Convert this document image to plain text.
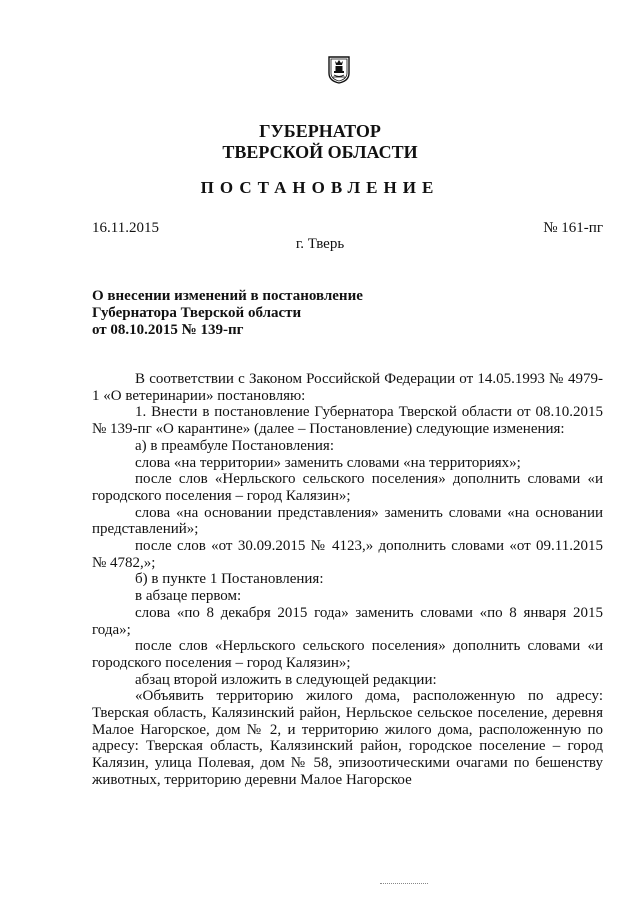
ГУБЕРНАТОР
ТВЕРСКОЙ ОБЛАСТИ
ПОСТАНОВЛЕНИЕ
16.11.2015	№ 161-пг
г. Тверь
О внесении изменений в постановление
Губернатора Тверской области
от 08.10.2015 № 139-пг

В соответствии с Законом Российской Федерации от 14.05.1993 № 4979-1 «О ветеринарии» постановляю:

1. Внести в постановление Губернатора Тверской области от 08.10.2015 № 139-пг «О карантине» (далее – Постановление) следующие изменения:

а) в преамбуле Постановления:

слова «на территории» заменить словами «на территориях»;

после слов «Нерльского сельского поселения» дополнить словами «и городского поселения – город Калязин»;

слова «на основании представления» заменить словами «на основании представлений»;

после слов «от 30.09.2015 № 4123,» дополнить словами «от 09.11.2015 № 4782,»;

б) в пункте 1 Постановления:

в абзаце первом:

слова «по 8 декабря 2015 года» заменить словами «по 8 января 2015 года»;

после слов «Нерльского сельского поселения» дополнить словами «и городского поселения – город Калязин»;

абзац второй изложить в следующей редакции:

«Объявить территорию жилого дома, расположенную по адресу: Тверская область, Калязинский район, Нерльское сельское поселение, деревня Малое Нагорское, дом № 2, и территорию жилого дома, расположенную по адресу: Тверская область, Калязинский район, городское поселение – город Калязин, улица Полевая, дом № 58, эпизоотическими очагами по бешенству животных, территорию деревни Малое Нагорское
